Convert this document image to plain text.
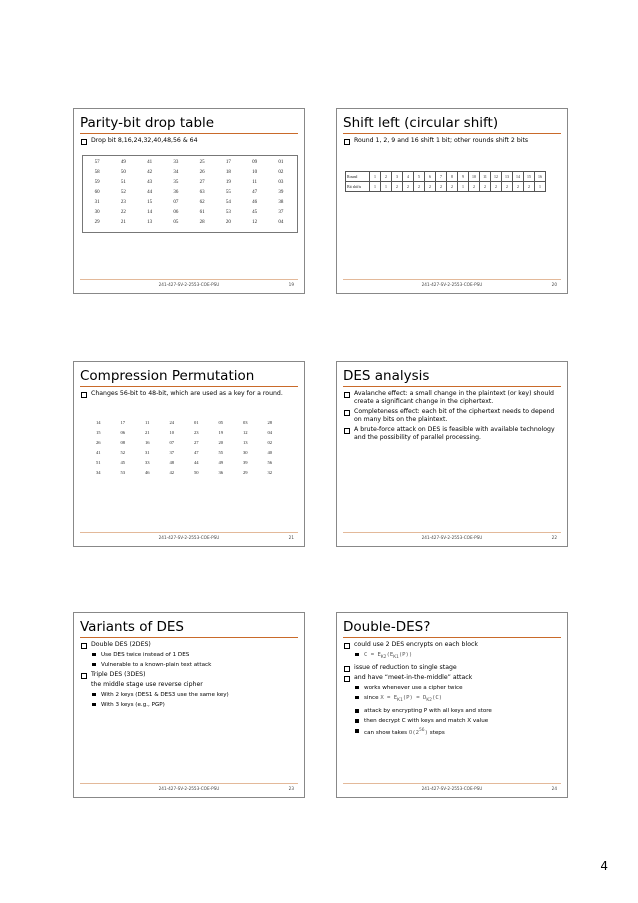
Parity-bit drop table
Drop bit 8,16,24,32,40,48,56 & 64
57	49	41	33	25	17	09	01
58	50	42	34	26	18	10	02
59	51	43	35	27	19	11	03
60	52	44	36	63	55	47	39
31	23	15	07	62	54	46	38
30	22	14	06	61	53	45	37
29	21	13	05	28	20	12	04
241-427-SV-2-2553-COE-PSU	19
Shift left (circular shift)
Round 1, 2, 9 and 16 shift 1 bit; other rounds shift 2 bits
Round	1	2	3	4	5	6	7	8	9	10	11	12	13	14	15	16
Bit shifts	1	1	2	2	2	2	2	2	1	2	2	2	2	2	2	1
241-427-SV-2-2553-COE-PSU	20
Compression Permutation
Changes 56-bit to 48-bit, which are used as a key for a round.
14	17	11	24	01	05	03	28
15	06	21	10	23	19	12	04
26	08	16	07	27	20	13	02
41	52	31	37	47	55	30	40
51	45	33	48	44	49	39	56
34	53	46	42	50	36	29	32
241-427-SV-2-2553-COE-PSU	21
DES analysis
Avalanche effect: a small change in the plaintext (or key) should create a significant change in the ciphertext.
Completeness effect: each bit of the ciphertext needs to depend on many bits on the plaintext.
A brute-force attack on DES is feasible with available technology and the possibility of parallel processing.
241-427-SV-2-2553-COE-PSU	22
Variants of DES
Double DES (2DES)
Use DES twice instead of 1 DES
Vulnerable to a known-plain text attack
Triple DES (3DES)
the middle stage use reverse cipher
With 2 keys (DES1 & DES3 use the same key)
With 3 keys (e.g., PGP)
241-427-SV-2-2553-COE-PSU	23
Double-DES?
could use 2 DES encrypts on each block
$C = E_{K2}(E_{K1}(P))$
issue of reduction to single stage
and have “meet-in-the-middle” attack
works whenever use a cipher twice
since $X = E_{K1}(P) = D_{K2}(C)$
attack by encrypting P with all keys and store
then decrypt C with keys and match X value
can show takes $O(2^{56})$ steps
241-427-SV-2-2553-COE-PSU	24
4
